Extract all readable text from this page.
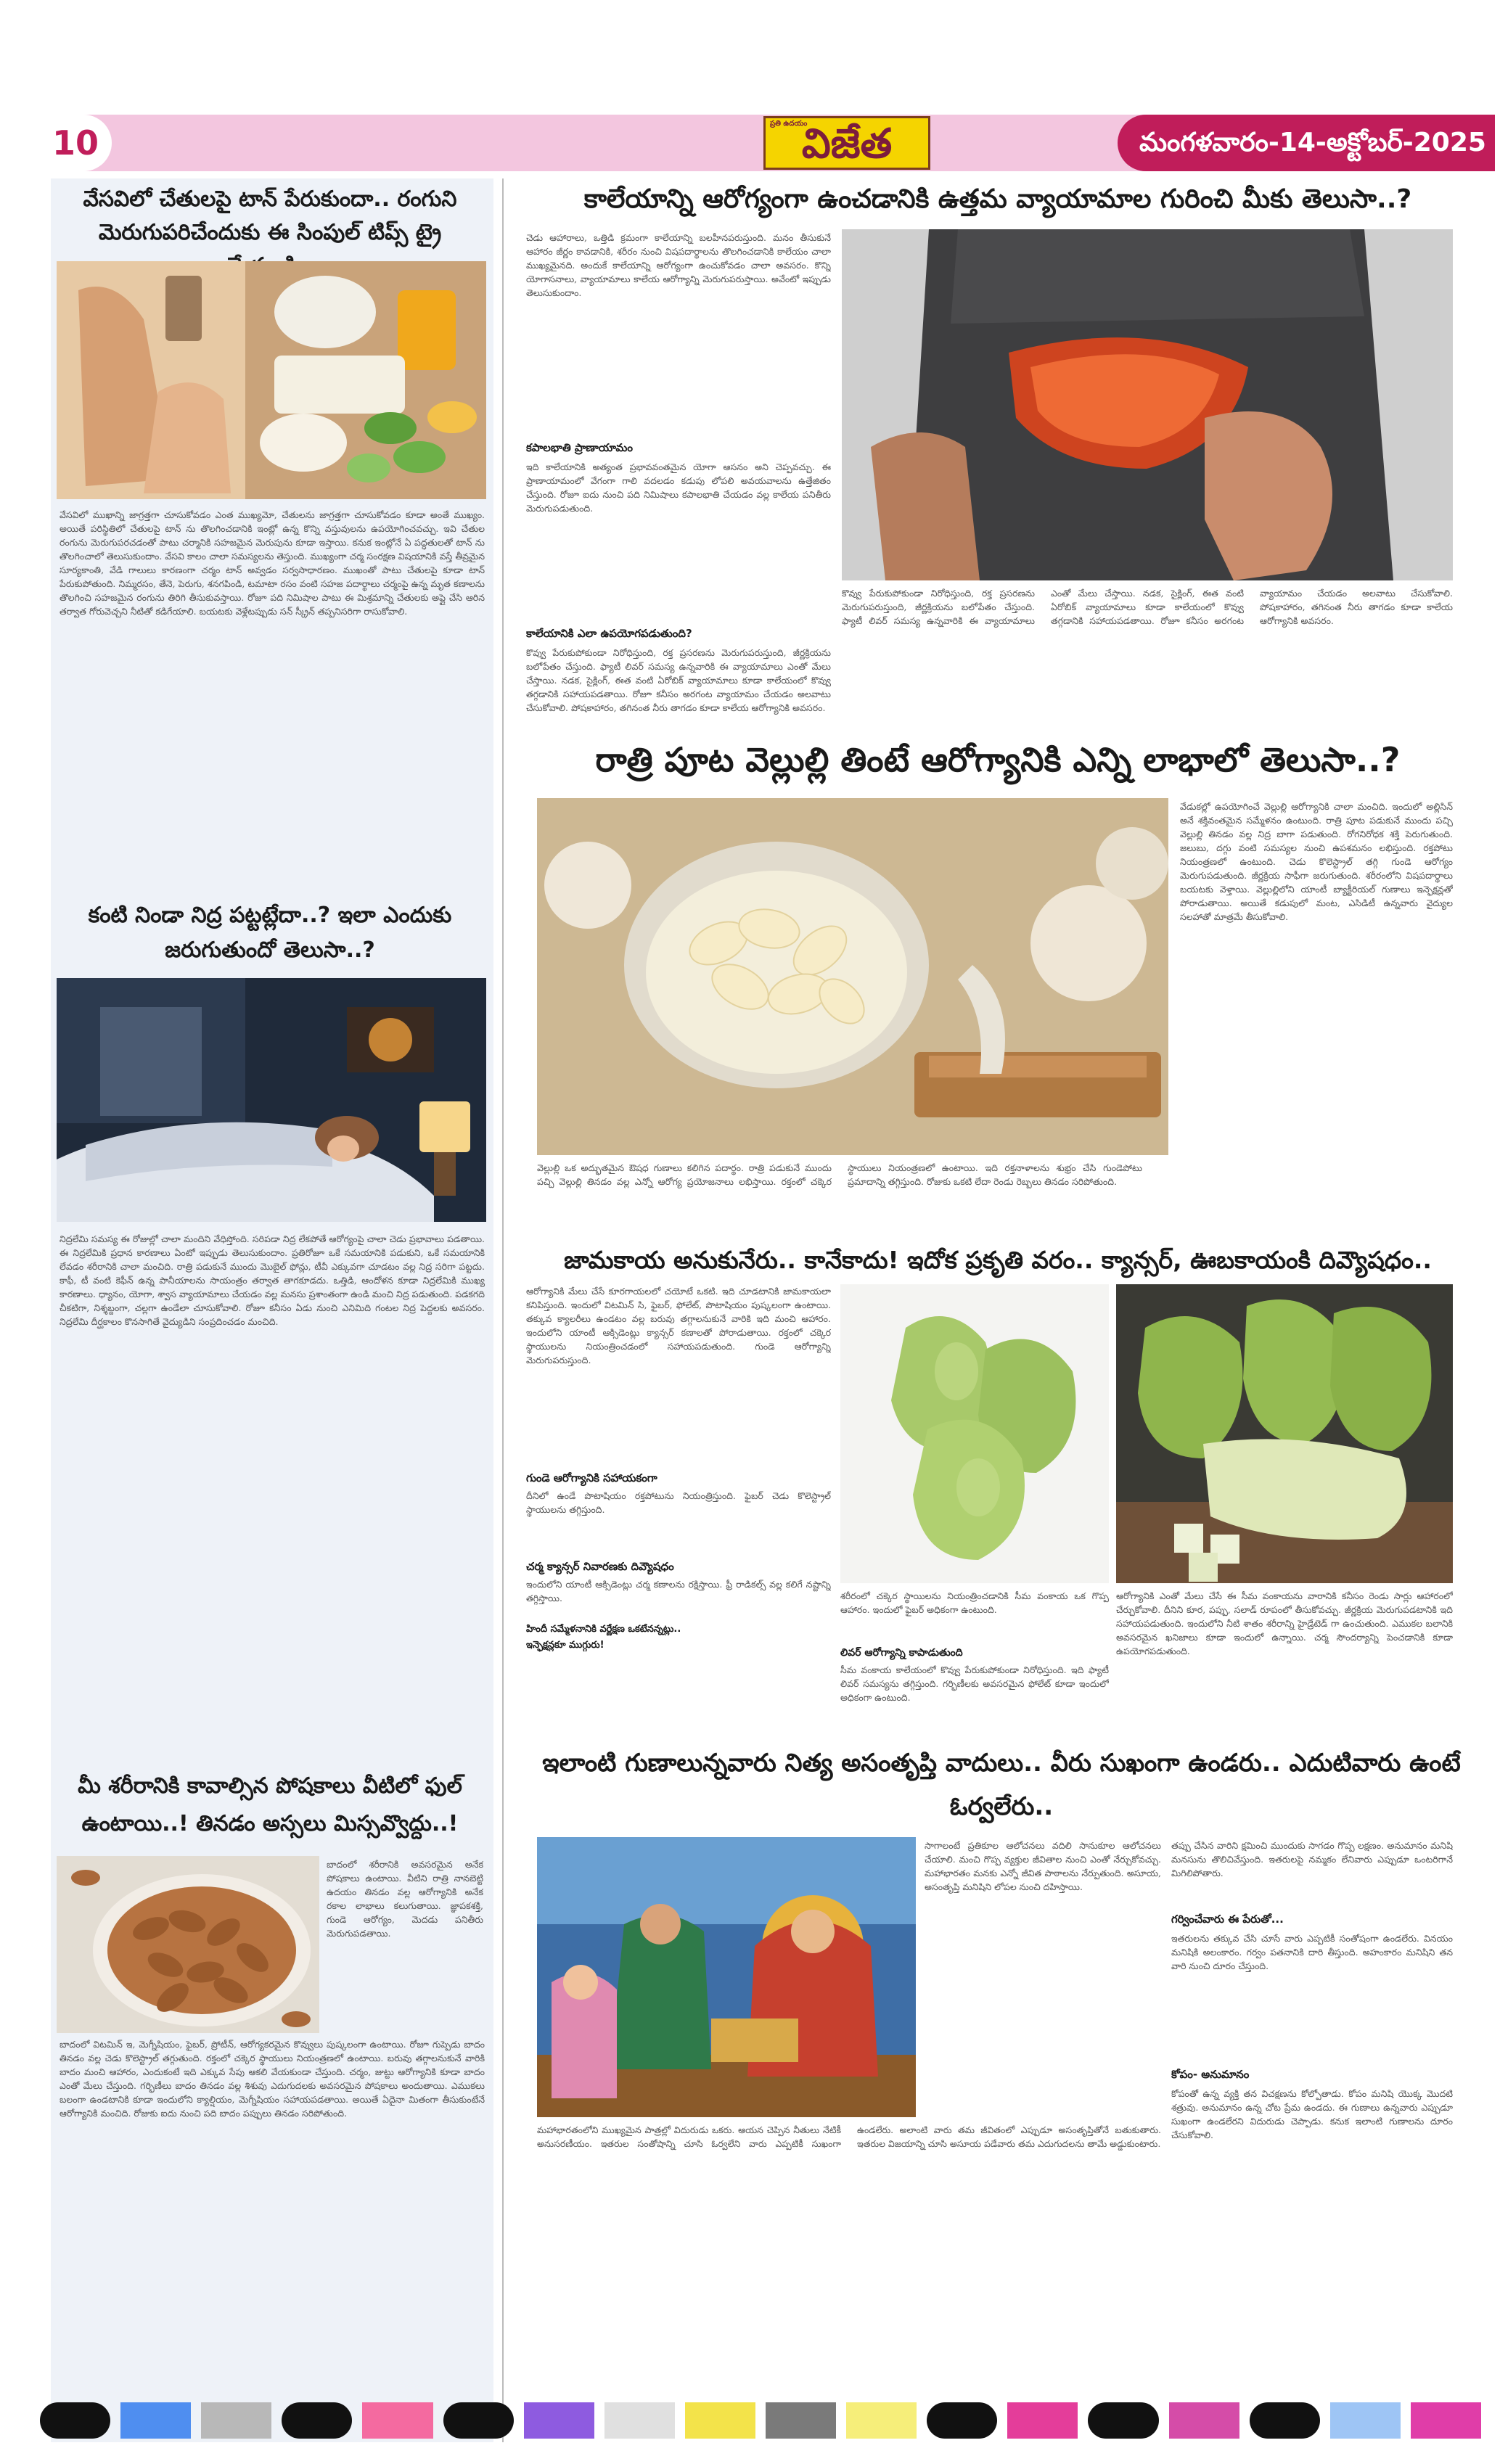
10	ప్రతి ఉదయం
విజేత	మంగళవారం-14-అక్టోబర్-2025
వేసవిలో చేతులపై టాన్ పేరుకుందా.. రంగుని మెరుగుపరిచేందుకు ఈ సింపుల్ టిప్స్ ట్రై
వేసవిలో ముఖాన్ని జాగ్రత్తగా చూసుకోవడం ఎంత ముఖ్యమో, చేతులను జాగ్రత్తగా చూసుకోవడం కూడా అంతే ముఖ్యం. అయితే పరిస్థితిలో చేతులపై టాన్ ను తొలగించడానికి ఇంట్లో ఉన్న కొన్ని వస్తువులను ఉపయోగించవచ్చు. ఇవి చేతుల రంగును మెరుగుపరచడంతో పాటు చర్మానికి సహజమైన మెరుపును కూడా ఇస్తాయి. కనుక ఇంట్లోనే ఏ పద్ధతులతో టాన్ ను తొలగించాలో తెలుసుకుందాం. వేసవి కాలం చాలా సమస్యలను తెస్తుంది. ముఖ్యంగా చర్మ సంరక్షణ విషయానికి వస్తే తీవ్రమైన సూర్యకాంతి, వేడి గాలులు కారణంగా చర్మం టాన్ అవ్వడం సర్వసాధారణం. ముఖంతో పాటు చేతులపై కూడా టాన్ పేరుకుపోతుంది. నిమ్మరసం, తేనె, పెరుగు, శనగపిండి, టమాటా రసం వంటి సహజ పదార్థాలు చర్మంపై ఉన్న మృత కణాలను తొలగించి సహజమైన రంగును తిరిగి తీసుకువస్తాయి. రోజూ పది నిమిషాల పాటు ఈ మిశ్రమాన్ని చేతులకు అప్లై చేసి ఆరిన తర్వాత గోరువెచ్చని నీటితో కడిగేయాలి. బయటకు వెళ్లేటప్పుడు సన్ స్క్రీన్ తప్పనిసరిగా రాసుకోవాలి.
కంటి నిండా నిద్ర పట్టట్లేదా..? ఇలా ఎందుకు జరుగుతుందో తెలుసా..?
నిద్రలేమి సమస్య ఈ రోజుల్లో చాలా మందిని వేధిస్తోంది. సరిపడా నిద్ర లేకపోతే ఆరోగ్యంపై చాలా చెడు ప్రభావాలు పడతాయి. ఈ నిద్రలేమికి ప్రధాన కారణాలు ఏంటో ఇప్పుడు తెలుసుకుందాం. ప్రతిరోజూ ఒకే సమయానికి పడుకుని, ఒకే సమయానికి లేవడం శరీరానికి చాలా మంచిది. రాత్రి పడుకునే ముందు మొబైల్ ఫోన్లు, టీవీ ఎక్కువగా చూడటం వల్ల నిద్ర సరిగా పట్టదు. కాఫీ, టీ వంటి కెఫీన్ ఉన్న పానీయాలను సాయంత్రం తర్వాత తాగకూడదు. ఒత్తిడి, ఆందోళన కూడా నిద్రలేమికి ముఖ్య కారణాలు. ధ్యానం, యోగా, శ్వాస వ్యాయామాలు చేయడం వల్ల మనసు ప్రశాంతంగా ఉండి మంచి నిద్ర పడుతుంది. పడకగది చీకటిగా, నిశ్శబ్దంగా, చల్లగా ఉండేలా చూసుకోవాలి. రోజూ కనీసం ఏడు నుంచి ఎనిమిది గంటల నిద్ర పెద్దలకు అవసరం. నిద్రలేమి దీర్ఘకాలం కొనసాగితే వైద్యుడిని సంప్రదించడం మంచిది.
మీ శరీరానికి కావాల్సిన పోషకాలు వీటిలో ఫుల్ ఉంటాయి..! తినడం అస్సలు మిస్సవ్వొద్దు..!
బాదంలో శరీరానికి అవసరమైన అనేక పోషకాలు ఉంటాయి. వీటిని రాత్రి నానబెట్టి ఉదయం తినడం వల్ల ఆరోగ్యానికి అనేక రకాల లాభాలు కలుగుతాయి. జ్ఞాపకశక్తి, గుండె ఆరోగ్యం, మెదడు పనితీరు మెరుగుపడతాయి.
బాదంలో విటమిన్ ఇ, మెగ్నీషియం, ఫైబర్, ప్రోటీన్, ఆరోగ్యకరమైన కొవ్వులు పుష్కలంగా ఉంటాయి. రోజూ గుప్పెడు బాదం తినడం వల్ల చెడు కొలెస్ట్రాల్ తగ్గుతుంది. రక్తంలో చక్కెర స్థాయులు నియంత్రణలో ఉంటాయి. బరువు తగ్గాలనుకునే వారికి బాదం మంచి ఆహారం, ఎందుకంటే ఇది ఎక్కువ సేపు ఆకలి వేయకుండా చేస్తుంది. చర్మం, జుట్టు ఆరోగ్యానికి కూడా బాదం ఎంతో మేలు చేస్తుంది. గర్భిణీలు బాదం తినడం వల్ల శిశువు ఎదుగుదలకు అవసరమైన పోషకాలు అందుతాయి. ఎముకలు బలంగా ఉండటానికి కూడా ఇందులోని క్యాల్షియం, మెగ్నీషియం సహాయపడతాయి. అయితే ఏదైనా మితంగా తీసుకుంటేనే ఆరోగ్యానికి మంచిది. రోజుకు ఐదు నుంచి పది బాదం పప్పులు తినడం సరిపోతుంది.
కాలేయాన్ని ఆరోగ్యంగా ఉంచడానికి ఉత్తమ వ్యాయామాల గురించి మీకు తెలుసా..?
చెడు ఆహారాలు, ఒత్తిడి క్రమంగా కాలేయాన్ని బలహీనపరుస్తుంది. మనం తీసుకునే ఆహారం జీర్ణం కావడానికి, శరీరం నుంచి విషపదార్థాలను తొలగించడానికి కాలేయం చాలా ముఖ్యమైనది. అందుకే కాలేయాన్ని ఆరోగ్యంగా ఉంచుకోవడం చాలా అవసరం. కొన్ని యోగాసనాలు, వ్యాయామాలు కాలేయ ఆరోగ్యాన్ని మెరుగుపరుస్తాయి. అవేంటో ఇప్పుడు తెలుసుకుందాం.
కపాలభాతి ప్రాణాయామం
ఇది కాలేయానికి అత్యంత ప్రభావవంతమైన యోగా ఆసనం అని చెప్పవచ్చు. ఈ ప్రాణాయామంలో వేగంగా గాలి వదలడం కడుపు లోపలి అవయవాలను ఉత్తేజితం చేస్తుంది. రోజూ ఐదు నుంచి పది నిమిషాలు కపాలభాతి చేయడం వల్ల కాలేయ పనితీరు మెరుగుపడుతుంది.
కాలేయానికి ఎలా ఉపయోగపడుతుంది?
కొవ్వు పేరుకుపోకుండా నిరోధిస్తుంది, రక్త ప్రసరణను మెరుగుపరుస్తుంది, జీర్ణక్రియను బలోపేతం చేస్తుంది. ఫ్యాటీ లివర్ సమస్య ఉన్నవారికి ఈ వ్యాయామాలు ఎంతో మేలు చేస్తాయి. నడక, సైక్లింగ్, ఈత వంటి ఏరోబిక్ వ్యాయామాలు కూడా కాలేయంలో కొవ్వు తగ్గడానికి సహాయపడతాయి. రోజూ కనీసం అరగంట వ్యాయామం చేయడం అలవాటు చేసుకోవాలి. పోషకాహారం, తగినంత నీరు తాగడం కూడా కాలేయ ఆరోగ్యానికి అవసరం.
కొవ్వు పేరుకుపోకుండా నిరోధిస్తుంది, రక్త ప్రసరణను మెరుగుపరుస్తుంది, జీర్ణక్రియను బలోపేతం చేస్తుంది. ఫ్యాటీ లివర్ సమస్య ఉన్నవారికి ఈ వ్యాయామాలు ఎంతో మేలు చేస్తాయి. నడక, సైక్లింగ్, ఈత వంటి ఏరోబిక్ వ్యాయామాలు కూడా కాలేయంలో కొవ్వు తగ్గడానికి సహాయపడతాయి. రోజూ కనీసం అరగంట వ్యాయామం చేయడం అలవాటు చేసుకోవాలి. పోషకాహారం, తగినంత నీరు తాగడం కూడా కాలేయ ఆరోగ్యానికి అవసరం.
రాత్రి పూట వెల్లుల్లి తింటే ఆరోగ్యానికి ఎన్ని లాభాలో తెలుసా..?
వేడుకల్లో ఉపయోగించే వెల్లుల్లి ఆరోగ్యానికి చాలా మంచిది. ఇందులో అల్లిసిన్ అనే శక్తివంతమైన సమ్మేళనం ఉంటుంది. రాత్రి పూట పడుకునే ముందు పచ్చి వెల్లుల్లి తినడం వల్ల నిద్ర బాగా పడుతుంది. రోగనిరోధక శక్తి పెరుగుతుంది. జలుబు, దగ్గు వంటి సమస్యల నుంచి ఉపశమనం లభిస్తుంది. రక్తపోటు నియంత్రణలో ఉంటుంది. చెడు కొలెస్ట్రాల్ తగ్గి గుండె ఆరోగ్యం మెరుగుపడుతుంది. జీర్ణక్రియ సాఫీగా జరుగుతుంది. శరీరంలోని విషపదార్థాలు బయటకు వెళ్తాయి. వెల్లుల్లిలోని యాంటీ బ్యాక్టీరియల్ గుణాలు ఇన్ఫెక్షన్లతో పోరాడుతాయి. అయితే కడుపులో మంట, ఎసిడిటీ ఉన్నవారు వైద్యుల సలహాతో మాత్రమే తీసుకోవాలి.
వెల్లుల్లి ఒక అద్భుతమైన ఔషధ గుణాలు కలిగిన పదార్థం. రాత్రి పడుకునే ముందు పచ్చి వెల్లుల్లి తినడం వల్ల ఎన్నో ఆరోగ్య ప్రయోజనాలు లభిస్తాయి. రక్తంలో చక్కెర స్థాయులు నియంత్రణలో ఉంటాయి. ఇది రక్తనాళాలను శుభ్రం చేసి గుండెపోటు ప్రమాదాన్ని తగ్గిస్తుంది. రోజుకు ఒకటి లేదా రెండు రెబ్బలు తినడం సరిపోతుంది.
జామకాయ అనుకునేరు.. కానేకాదు! ఇదోక ప్రకృతి వరం.. క్యాన్సర్, ఊబకాయంకి దివ్యౌషధం..
ఆరోగ్యానికి మేలు చేసే కూరగాయలలో చయోటే ఒకటి. ఇది చూడటానికి జామకాయలా కనిపిస్తుంది. ఇందులో విటమిన్ సి, ఫైబర్, ఫోలేట్, పొటాషియం పుష్కలంగా ఉంటాయి. తక్కువ క్యాలరీలు ఉండటం వల్ల బరువు తగ్గాలనుకునే వారికి ఇది మంచి ఆహారం. ఇందులోని యాంటీ ఆక్సిడెంట్లు క్యాన్సర్ కణాలతో పోరాడుతాయి. రక్తంలో చక్కెర స్థాయులను నియంత్రించడంలో సహాయపడుతుంది. గుండె ఆరోగ్యాన్ని మెరుగుపరుస్తుంది.
గుండె ఆరోగ్యానికి సహాయకంగా
దీనిలో ఉండే పొటాషియం రక్తపోటును నియంత్రిస్తుంది. ఫైబర్ చెడు కొలెస్ట్రాల్ స్థాయులను తగ్గిస్తుంది.
చర్మ క్యాన్సర్ నివారణకు దివ్యౌషధం
ఇందులోని యాంటీ ఆక్సిడెంట్లు చర్మ కణాలను రక్షిస్తాయి. ఫ్రీ రాడికల్స్ వల్ల కలిగే నష్టాన్ని తగ్గిస్తాయి.
హిందీ సమ్మేళనానికి వర్ణేక్షణ ఒకటేనన్నట్లు..
ఇన్ఫెక్షన్లకూ ముగ్గురు!
శరీరంలో చక్కెర స్థాయిలను నియంత్రించడానికి సీమ వంకాయ ఒక గొప్ప ఆహారం. ఇందులో ఫైబర్ అధికంగా ఉంటుంది.
లివర్ ఆరోగ్యాన్ని కాపాడుతుంది
సీమ వంకాయ కాలేయంలో కొవ్వు పేరుకుపోకుండా నిరోధిస్తుంది. ఇది ఫ్యాటీ లివర్ సమస్యను తగ్గిస్తుంది. గర్భిణీలకు అవసరమైన ఫోలేట్ కూడా ఇందులో అధికంగా ఉంటుంది.
ఆరోగ్యానికి ఎంతో మేలు చేసే ఈ సీమ వంకాయను వారానికి కనీసం రెండు సార్లు ఆహారంలో చేర్చుకోవాలి. దీనిని కూర, పప్పు, సలాడ్ రూపంలో తీసుకోవచ్చు. జీర్ణక్రియ మెరుగుపడటానికి ఇది సహాయపడుతుంది. ఇందులోని నీటి శాతం శరీరాన్ని హైడ్రేటెడ్ గా ఉంచుతుంది. ఎముకల బలానికి అవసరమైన ఖనిజాలు కూడా ఇందులో ఉన్నాయి. చర్మ సౌందర్యాన్ని పెంచడానికి కూడా ఉపయోగపడుతుంది.
ఇలాంటి గుణాలున్నవారు నిత్య అసంతృప్తి వాదులు.. వీరు సుఖంగా ఉండరు.. ఎదుటివారు ఉంటే ఓర్వలేరు..
సాగాలంటే ప్రతికూల ఆలోచనలు వదిలి సానుకూల ఆలోచనలు చేయాలి. మంచి గొప్ప వ్యక్తుల జీవితాల నుంచి ఎంతో నేర్చుకోవచ్చు. మహాభారతం మనకు ఎన్నో జీవిత పాఠాలను నేర్పుతుంది. అసూయ, అసంతృప్తి మనిషిని లోపల నుంచి దహిస్తాయి.
మహాభారతంలోని ముఖ్యమైన పాత్రల్లో విదురుడు ఒకరు. ఆయన చెప్పిన నీతులు నేటికీ అనుసరణీయం. ఇతరుల సంతోషాన్ని చూసి ఓర్వలేని వారు ఎప్పటికీ సుఖంగా ఉండలేరు. అలాంటి వారు తమ జీవితంలో ఎప్పుడూ అసంతృప్తితోనే బతుకుతారు. ఇతరుల విజయాన్ని చూసి అసూయ పడేవారు తమ ఎదుగుదలను తామే అడ్డుకుంటారు.
తప్పు చేసిన వారిని క్షమించి ముందుకు సాగడం గొప్ప లక్షణం. అనుమానం మనిషి మనసును తొలిచివేస్తుంది. ఇతరులపై నమ్మకం లేనివారు ఎప్పుడూ ఒంటరిగానే మిగిలిపోతారు.
గర్వించేవారు ఈ పేరుతో...
ఇతరులను తక్కువ చేసి చూసే వారు ఎప్పటికీ సంతోషంగా ఉండలేరు. వినయం మనిషికి అలంకారం. గర్వం పతనానికి దారి తీస్తుంది. అహంకారం మనిషిని తన వారి నుంచి దూరం చేస్తుంది.
కోపం- అనుమానం
కోపంతో ఉన్న వ్యక్తి తన విచక్షణను కోల్పోతాడు. కోపం మనిషి యొక్క మొదటి శత్రువు. అనుమానం ఉన్న చోట ప్రేమ ఉండదు. ఈ గుణాలు ఉన్నవారు ఎప్పుడూ సుఖంగా ఉండలేరని విదురుడు చెప్పాడు. కనుక ఇలాంటి గుణాలను దూరం చేసుకోవాలి.
